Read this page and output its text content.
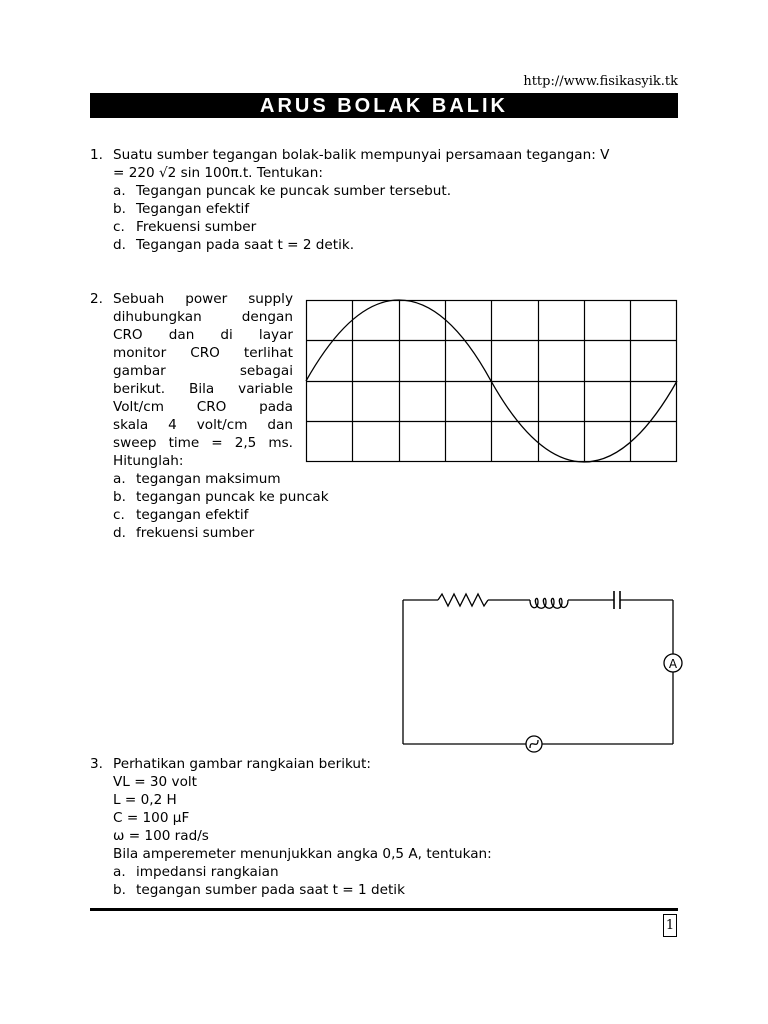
http://www.fisikasyik.tk
ARUS BOLAK BALIK
1. Suatu sumber tegangan bolak-balik mempunyai persamaan tegangan: V
= 220 √2 sin 100π.t. Tentukan:
a. Tegangan puncak ke puncak sumber tersebut.
b. Tegangan efektif
c. Frekuensi sumber
d. Tegangan pada saat t = 2 detik.
2. Sebuah power supply
dihubungkan dengan
CRO dan di layar
monitor CRO terlihat
gambar sebagai
berikut. Bila variable
Volt/cm CRO pada
skala 4 volt/cm dan
sweep time = 2,5 ms.
Hitunglah:
a. tegangan maksimum
b. tegangan puncak ke puncak
c. tegangan efektif
d. frekuensi sumber
A
3. Perhatikan gambar rangkaian berikut:
VL = 30 volt
L = 0,2 H
C = 100 μF
ω = 100 rad/s
Bila amperemeter menunjukkan angka 0,5 A, tentukan:
a. impedansi rangkaian
b. tegangan sumber pada saat t = 1 detik
1
